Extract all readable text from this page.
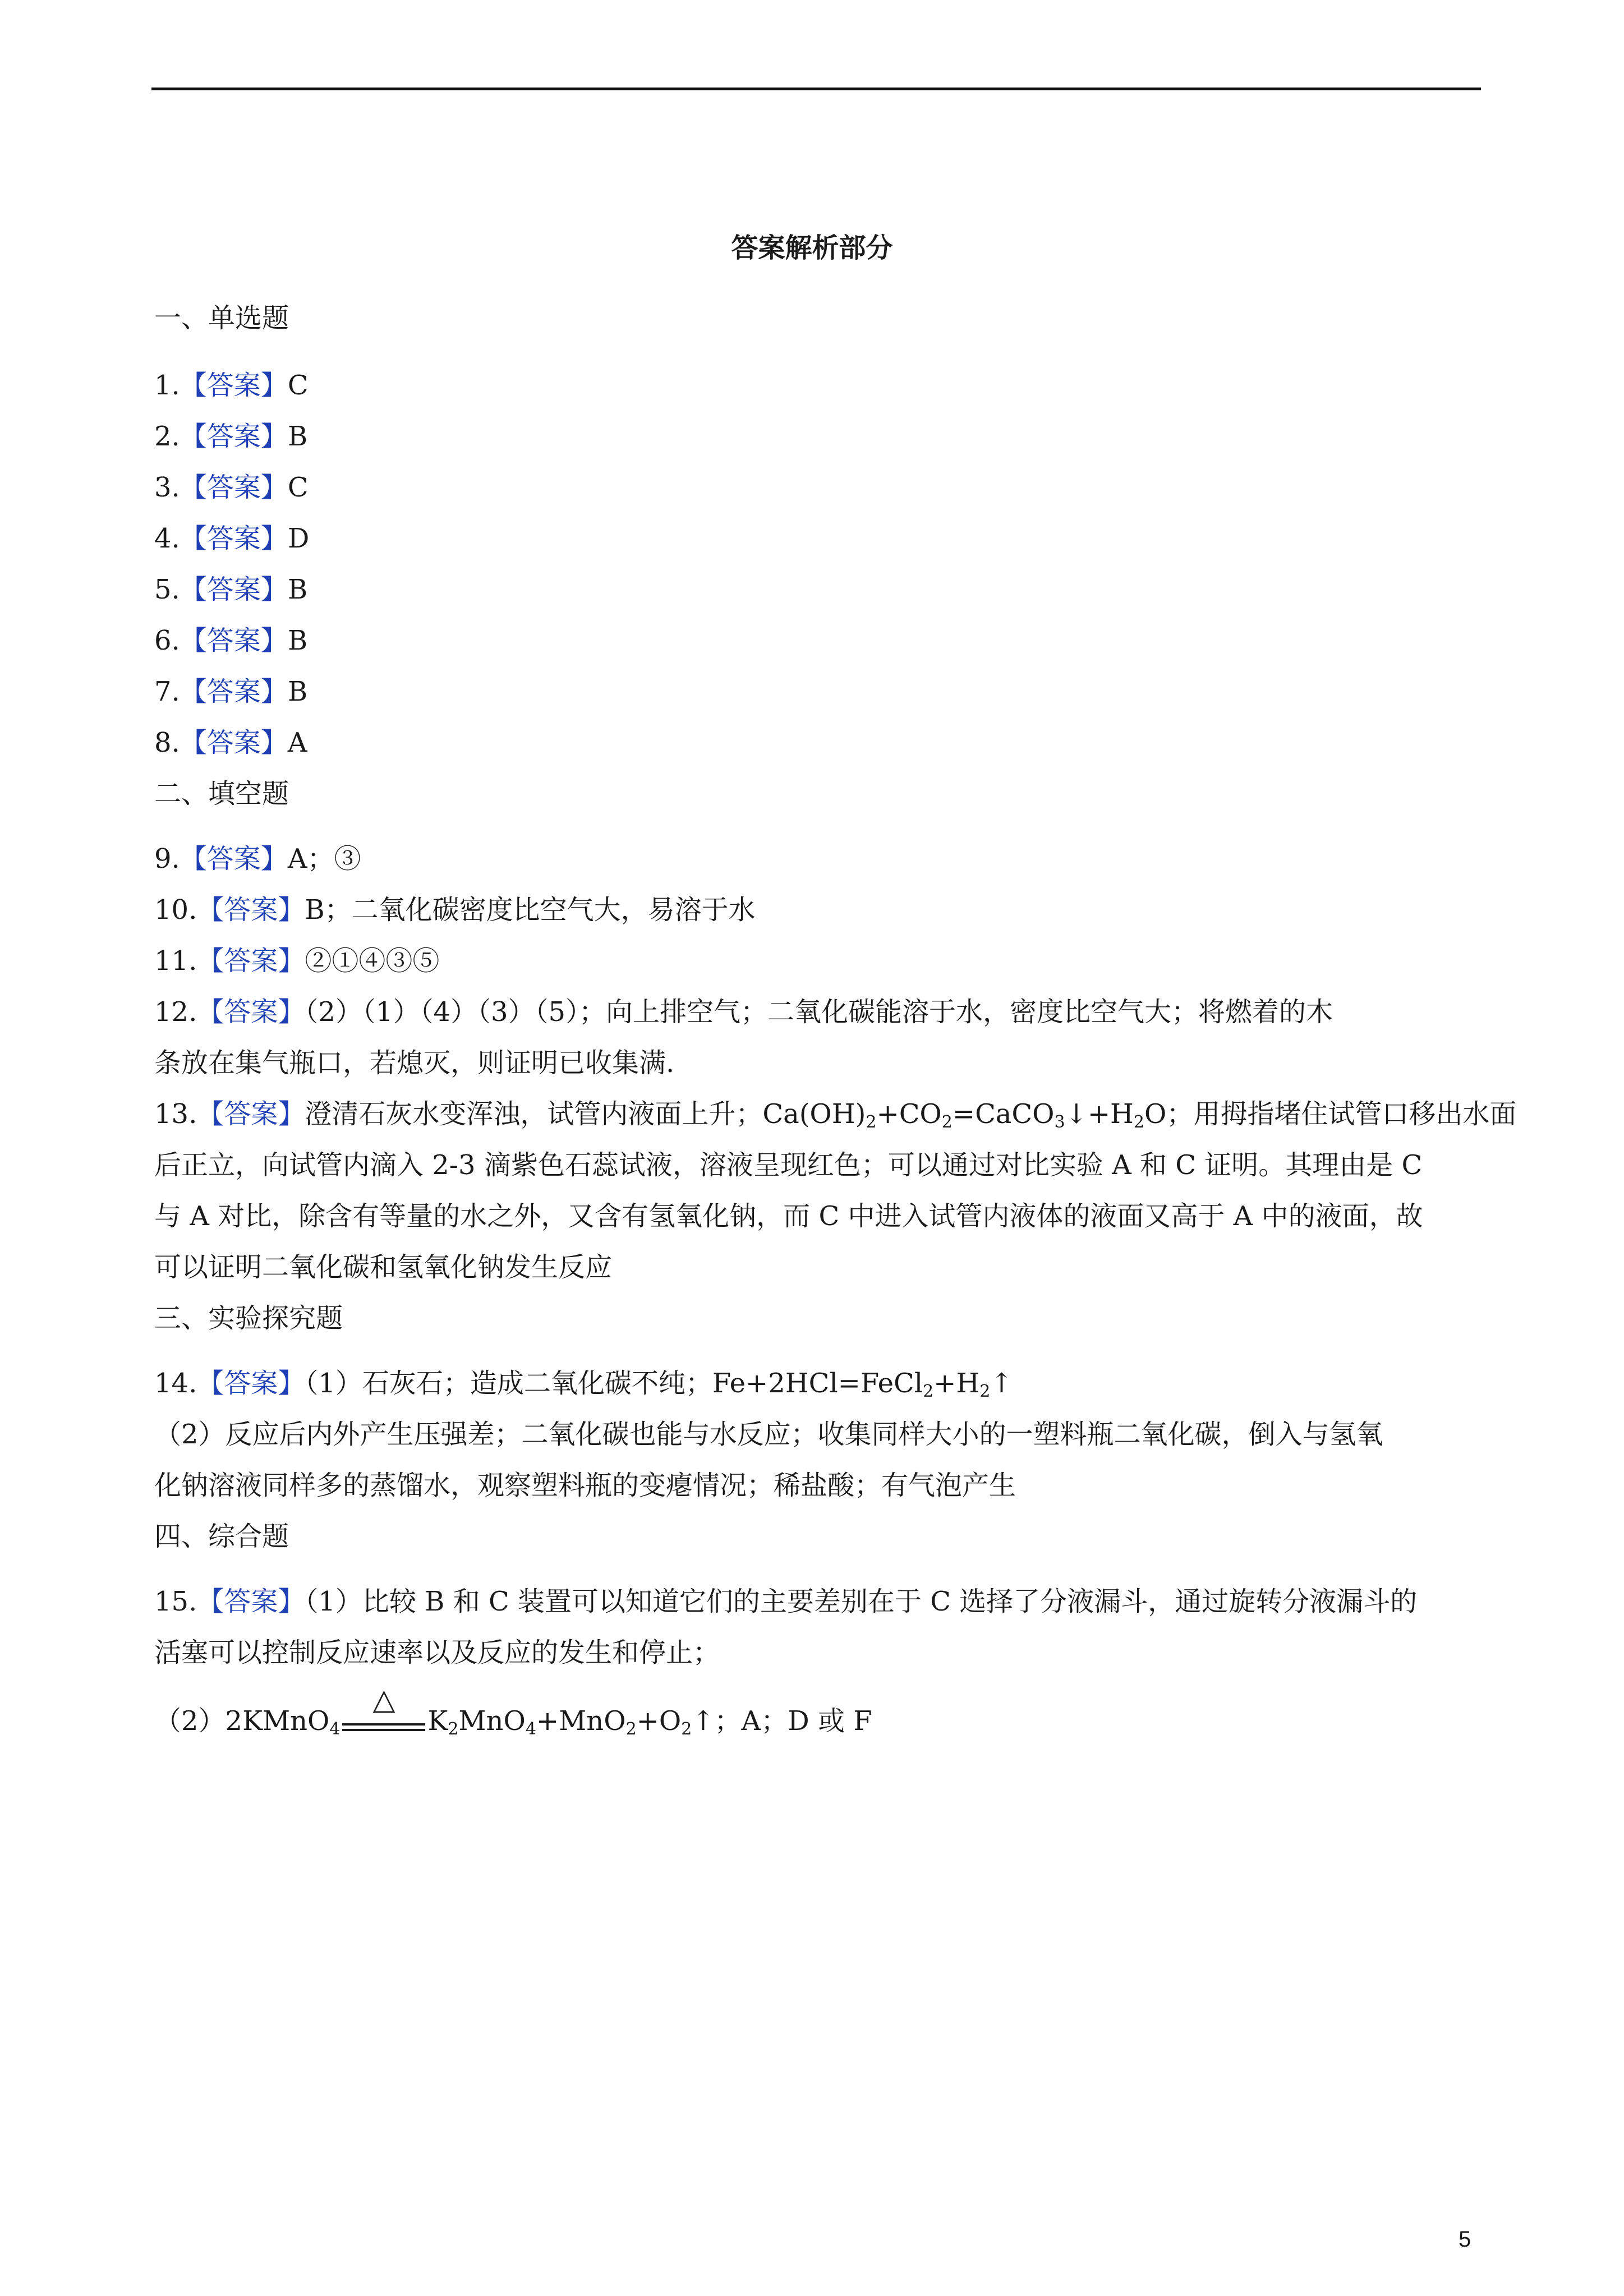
答案解析部分
一、单选题
1.【答案】C
2.【答案】B
3.【答案】C
4.【答案】D
5.【答案】B
6.【答案】B
7.【答案】B
8.【答案】A
二、填空题
9.【答案】A；③
10.【答案】B；二氧化碳密度比空气大，易溶于水
11.【答案】②①④③⑤
12.【答案】（2）（1）（4）（3）（5）；向上排空气；二氧化碳能溶于水，密度比空气大；将燃着的木
条放在集气瓶口，若熄灭，则证明已收集满.
13.【答案】澄清石灰水变浑浊，试管内液面上升；$Ca(OH)_2+CO_2=CaCO_3↓+H_2O$；用拇指堵住试管口移出水面
后正立，向试管内滴入 2-3 滴紫色石蕊试液，溶液呈现红色；可以通过对比实验 A 和 C 证明。其理由是 C
与 A 对比，除含有等量的水之外，又含有氢氧化钠，而 C 中进入试管内液体的液面又高于 A 中的液面，故
可以证明二氧化碳和氢氧化钠发生反应
三、实验探究题
14.【答案】（1）石灰石；造成二氧化碳不纯；$Fe+2HCl=FeCl_2+H_2↑$
（2）反应后内外产生压强差；二氧化碳也能与水反应；收集同样大小的一塑料瓶二氧化碳，倒入与氢氧
化钠溶液同样多的蒸馏水，观察塑料瓶的变瘪情况；稀盐酸；有气泡产生
四、综合题
15.【答案】（1）比较 B 和 C 装置可以知道它们的主要差别在于 C 选择了分液漏斗，通过旋转分液漏斗的
活塞可以控制反应速率以及反应的发生和停止；
（2）2KMnO$_4$
△
$K_2MnO_4+MnO_2+O_2↑$；A；D 或 F
5
